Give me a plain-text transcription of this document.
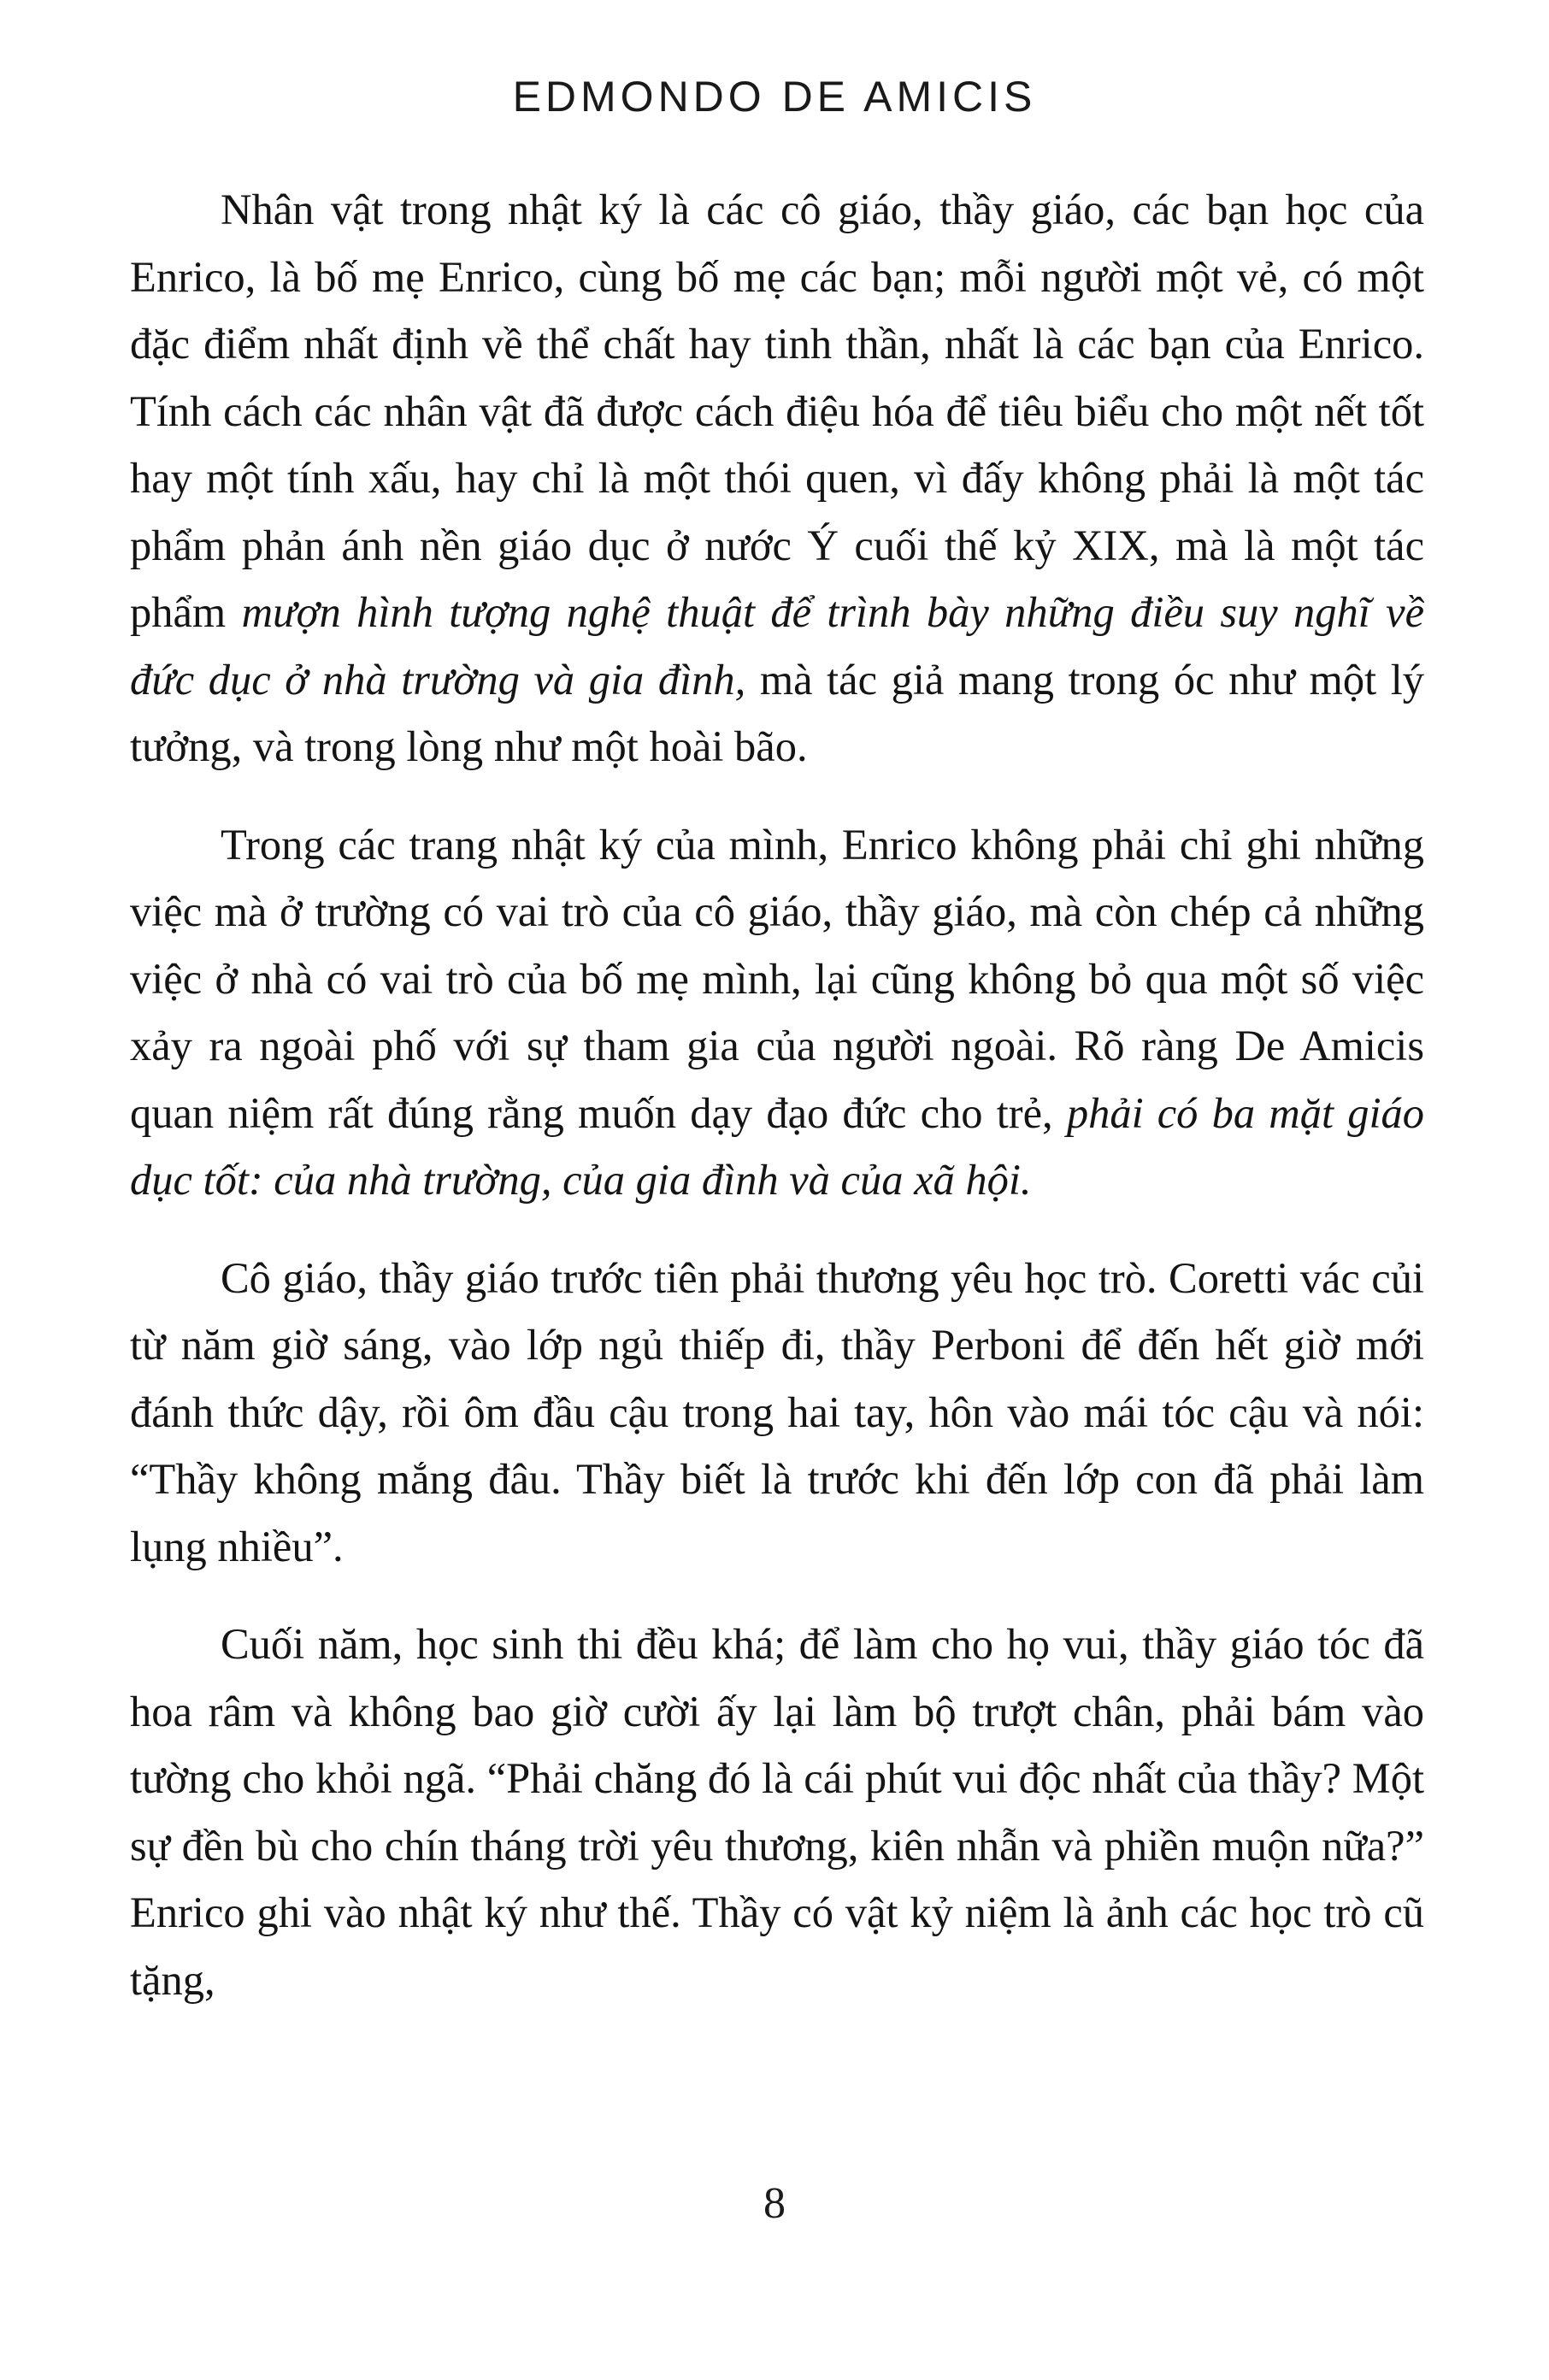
EDMONDO DE AMICIS

Nhân vật trong nhật ký là các cô giáo, thầy giáo, các bạn học của Enrico, là bố mẹ Enrico, cùng bố mẹ các bạn; mỗi người một vẻ, có một đặc điểm nhất định về thể chất hay tinh thần, nhất là các bạn của Enrico. Tính cách các nhân vật đã được cách điệu hóa để tiêu biểu cho một nết tốt hay một tính xấu, hay chỉ là một thói quen, vì đấy không phải là một tác phẩm phản ánh nền giáo dục ở nước Ý cuối thế kỷ XIX, mà là một tác phẩm mượn hình tượng nghệ thuật để trình bày những điều suy nghĩ về đức dục ở nhà trường và gia đình, mà tác giả mang trong óc như một lý tưởng, và trong lòng như một hoài bão.

Trong các trang nhật ký của mình, Enrico không phải chỉ ghi những việc mà ở trường có vai trò của cô giáo, thầy giáo, mà còn chép cả những việc ở nhà có vai trò của bố mẹ mình, lại cũng không bỏ qua một số việc xảy ra ngoài phố với sự tham gia của người ngoài. Rõ ràng De Amicis quan niệm rất đúng rằng muốn dạy đạo đức cho trẻ, phải có ba mặt giáo dục tốt: của nhà trường, của gia đình và của xã hội.

Cô giáo, thầy giáo trước tiên phải thương yêu học trò. Coretti vác củi từ năm giờ sáng, vào lớp ngủ thiếp đi, thầy Perboni để đến hết giờ mới đánh thức dậy, rồi ôm đầu cậu trong hai tay, hôn vào mái tóc cậu và nói: “Thầy không mắng đâu. Thầy biết là trước khi đến lớp con đã phải làm lụng nhiều”.

Cuối năm, học sinh thi đều khá; để làm cho họ vui, thầy giáo tóc đã hoa râm và không bao giờ cười ấy lại làm bộ trượt chân, phải bám vào tường cho khỏi ngã. “Phải chăng đó là cái phút vui độc nhất của thầy? Một sự đền bù cho chín tháng trời yêu thương, kiên nhẫn và phiền muộn nữa?” Enrico ghi vào nhật ký như thế. Thầy có vật kỷ niệm là ảnh các học trò cũ tặng,

8
